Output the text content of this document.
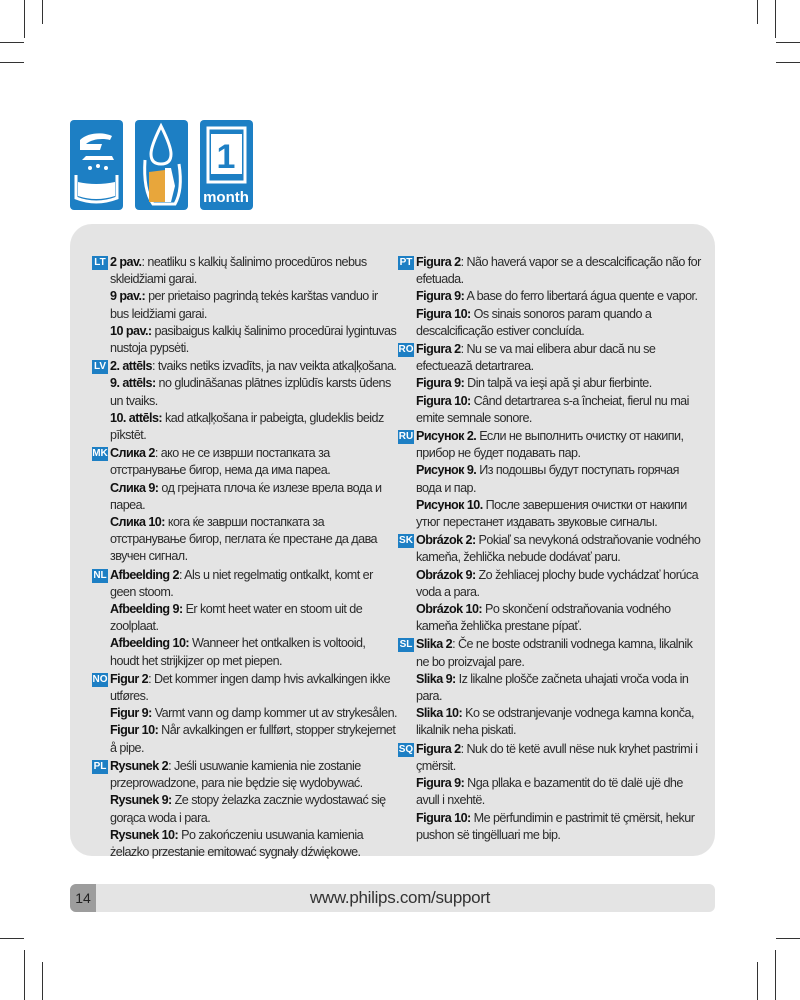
1
month
LT 2 pav.: neatliku s kalkių šalinimo procedūros nebus skleidžiami garai.
9 pav.: per prietaiso pagrindą tekės karštas vanduo ir bus leidžiami garai.
10 pav.: pasibaigus kalkių šalinimo procedūrai lygintuvas nustoja pypsėti.
LV 2. attēls: tvaiks netiks izvadīts, ja nav veikta atkaļķošana.
9. attēls: no gludināšanas plātnes izplūdīs karsts ūdens un tvaiks.
10. attēls: kad atkaļķošana ir pabeigta, gludeklis beidz pīkstēt.
MK Слика 2: ако не се изврши постапката за отстранување бигор, нема да има пареа.
Слика 9: од грејната плоча ќе излезе врела вода и пареа.
Слика 10: кога ќе заврши постапката за отстранување бигор, пеглата ќе престане да дава звучен сигнал.
NL Afbeelding 2: Als u niet regelmatig ontkalkt, komt er geen stoom.
Afbeelding 9: Er komt heet water en stoom uit de zoolplaat.
Afbeelding 10: Wanneer het ontkalken is voltooid, houdt het strijkijzer op met piepen.
NO Figur 2: Det kommer ingen damp hvis avkalkingen ikke utføres.
Figur 9: Varmt vann og damp kommer ut av strykesålen.
Figur 10: Når avkalkingen er fullført, stopper strykejernet å pipe.
PL Rysunek 2: Jeśli usuwanie kamienia nie zostanie przeprowadzone, para nie będzie się wydobywać.
Rysunek 9: Ze stopy żelazka zacznie wydostawać się gorąca woda i para.
Rysunek 10: Po zakończeniu usuwania kamienia żelazko przestanie emitować sygnały dźwiękowe.
PT Figura 2: Não haverá vapor se a descalcificação não for efetuada.
Figura 9: A base do ferro libertará água quente e vapor.
Figura 10: Os sinais sonoros param quando a descalcificação estiver concluída.
RO Figura 2: Nu se va mai elibera abur dacă nu se efectuează detartrarea.
Figura 9: Din talpă va ieşi apă şi abur fierbinte.
Figura 10: Când detartrarea s-a încheiat, fierul nu mai emite semnale sonore.
RU Рисунок 2. Если не выполнить очистку от накипи, прибор не будет подавать пар.
Рисунок 9. Из подошвы будут поступать горячая вода и пар.
Рисунок 10. После завершения очистки от накипи утюг перестанет издавать звуковые сигналы.
SK Obrázok 2: Pokiaľ sa nevykoná odstraňovanie vodného kameňa, žehlička nebude dodávať paru.
Obrázok 9: Zo žehliacej plochy bude vychádzať horúca voda a para.
Obrázok 10: Po skončení odstraňovania vodného kameňa žehlička prestane pípať.
SL Slika 2: Če ne boste odstranili vodnega kamna, likalnik ne bo proizvajal pare.
Slika 9: Iz likalne plošče začneta uhajati vroča voda in para.
Slika 10: Ko se odstranjevanje vodnega kamna konča, likalnik neha piskati.
SQ Figura 2: Nuk do të ketë avull nëse nuk kryhet pastrimi i çmërsit.
Figura 9: Nga pllaka e bazamentit do të dalë ujë dhe avull i nxehtë.
Figura 10: Me përfundimin e pastrimit të çmërsit, hekur pushon së tingëlluari me bip.
14	www.philips.com/support
